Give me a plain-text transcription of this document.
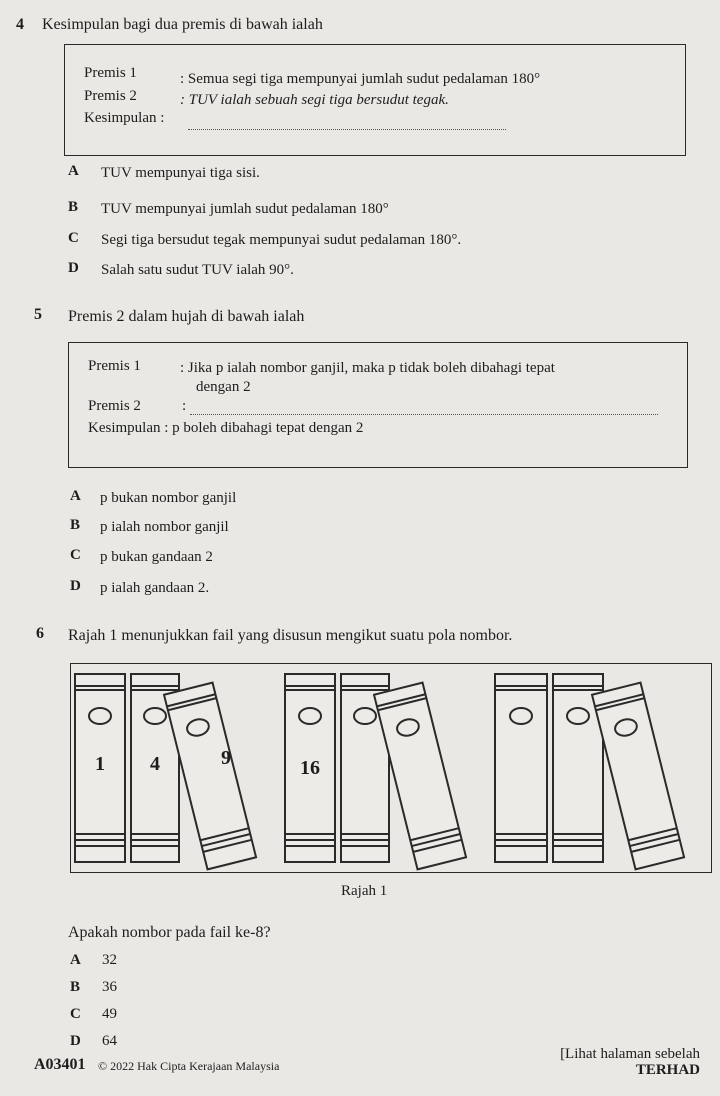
4 Kesimpulan bagi dua premis di bawah ialah
Premis 1	: Semua segi tiga mempunyai jumlah sudut pedalaman 180°
Premis 2	: TUV ialah sebuah segi tiga bersudut tegak.
Kesimpulan :
A TUV mempunyai tiga sisi.
B TUV mempunyai jumlah sudut pedalaman 180°
C Segi tiga bersudut tegak mempunyai sudut pedalaman 180°.
D Salah satu sudut TUV ialah 90°.
5 Premis 2 dalam hujah di bawah ialah
Premis 1	: Jika p ialah nombor ganjil, maka p tidak boleh dibahagi tepat
dengan 2
Premis 2	:
Kesimpulan : p boleh dibahagi tepat dengan 2
A p bukan nombor ganjil
B p ialah nombor ganjil
C p bukan gandaan 2
D p ialah gandaan 2.
6 Rajah 1 menunjukkan fail yang disusun mengikut suatu pola nombor.
1 4	9	16
Rajah 1
Apakah nombor pada fail ke-8?
A 32
B 36
C 49
D 64
A03401 © 2022 Hak Cipta Kerajaan Malaysia
[Lihat halaman sebelah
TERHAD
